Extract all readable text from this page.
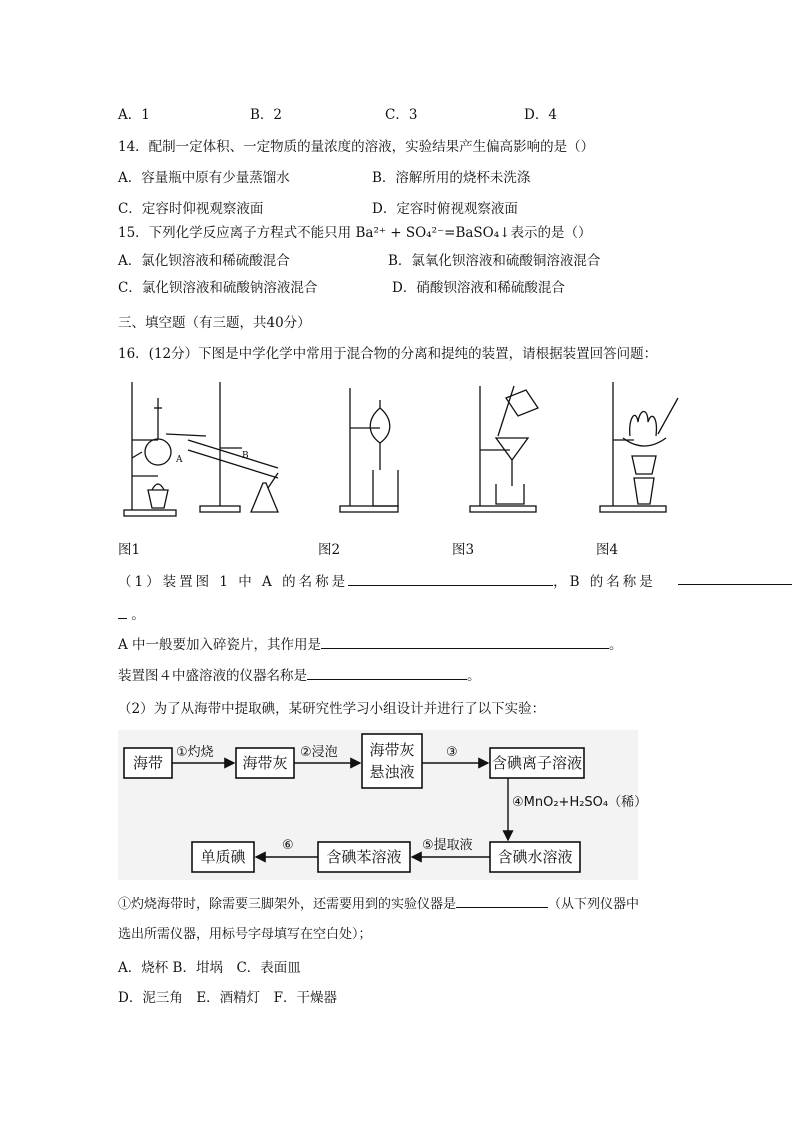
A．1	B．2	C．3	D．4
14．配制一定体积、一定物质的量浓度的溶液，实验结果产生偏高影响的是（）
A．容量瓶中原有少量蒸馏水	B．溶解所用的烧杯未洗涤
C．定容时仰视观察液面	D．定容时俯视观察液面
15．下列化学反应离子方程式不能只用 Ba²⁺ + SO₄²⁻=BaSO₄↓表示的是（）
A．氯化钡溶液和稀硫酸混合	B．氯氧化钡溶液和硫酸铜溶液混合
C．氯化钡溶液和硫酸钠溶液混合	D．硝酸钡溶液和稀硫酸混合
三、填空题（有三题，共40分）
16．(12分）下图是中学化学中常用于混合物的分离和提纯的装置，请根据装置回答问题：
A	B
图1	图2	图3	图4
（1）装置图 1 中 A 的名称是	，B 的名称是
。
A 中一般要加入碎瓷片，其作用是	。
装置图４中盛溶液的仪器名称是	。
（2）为了从海带中提取碘，某研究性学习小组设计并进行了以下实验：
海带	海带灰
海带灰
悬浊液	含碘离子溶液
含碘水溶液
含碘苯溶液
单质碘
①灼烧	②浸泡	③
④MnO₂+H₂SO₄（稀）
⑤提取液
⑥
①灼烧海带时，除需要三脚架外，还需要用到的实验仪器是	（从下列仪器中
选出所需仪器，用标号字母填写在空白处）；
A．烧杯 B．坩埚　C．表面皿
D．泥三角　E．酒精灯　F．干燥器
